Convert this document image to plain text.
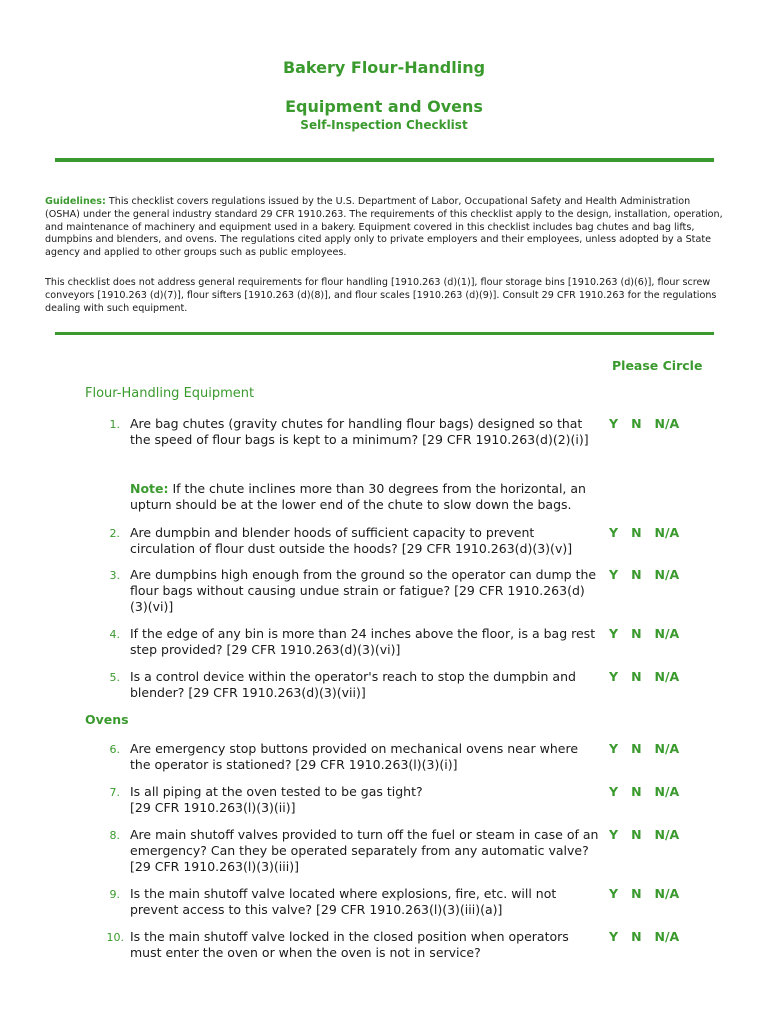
Bakery Flour-Handling
Equipment and Ovens
Self-Inspection Checklist
Guidelines: This checklist covers regulations issued by the U.S. Department of Labor, Occupational Safety and Health Administration (OSHA) under the general industry standard 29 CFR 1910.263. The requirements of this checklist apply to the design, installation, operation, and maintenance of machinery and equipment used in a bakery. Equipment covered in this checklist includes bag chutes and bag lifts, dumpbins and blenders, and ovens. The regulations cited apply only to private employers and their employees, unless adopted by a State agency and applied to other groups such as public employees.
This checklist does not address general requirements for flour handling [1910.263 (d)(1)], flour storage bins [1910.263 (d)(6)], flour screw conveyors [1910.263 (d)(7)], flour sifters [1910.263 (d)(8)], and flour scales [1910.263 (d)(9)]. Consult 29 CFR 1910.263 for the regulations dealing with such equipment.
Please Circle
Flour-Handling Equipment
1. Are bag chutes (gravity chutes for handling flour bags) designed so that the speed of flour bags is kept to a minimum? [29 CFR 1910.263(d)(2)(i)]
Y N N/A
Note: If the chute inclines more than 30 degrees from the horizontal, an upturn should be at the lower end of the chute to slow down the bags.
2. Are dumpbin and blender hoods of sufficient capacity to prevent circulation of flour dust outside the hoods? [29 CFR 1910.263(d)(3)(v)]
Y N N/A
3. Are dumpbins high enough from the ground so the operator can dump the flour bags without causing undue strain or fatigue? [29 CFR 1910.263(d)(3)(vi)]
Y N N/A
4. If the edge of any bin is more than 24 inches above the floor, is a bag rest step provided? [29 CFR 1910.263(d)(3)(vi)]
Y N N/A
5. Is a control device within the operator's reach to stop the dumpbin and blender? [29 CFR 1910.263(d)(3)(vii)]
Y N N/A
Ovens
6. Are emergency stop buttons provided on mechanical ovens near where the operator is stationed? [29 CFR 1910.263(l)(3)(i)]
Y N N/A
7. Is all piping at the oven tested to be gas tight? [29 CFR 1910.263(l)(3)(ii)]
Y N N/A
8. Are main shutoff valves provided to turn off the fuel or steam in case of an emergency? Can they be operated separately from any automatic valve? [29 CFR 1910.263(l)(3)(iii)]
Y N N/A
9. Is the main shutoff valve located where explosions, fire, etc. will not prevent access to this valve? [29 CFR 1910.263(l)(3)(iii)(a)]
Y N N/A
10. Is the main shutoff valve locked in the closed position when operators must enter the oven or when the oven is not in service?
Y N N/A
